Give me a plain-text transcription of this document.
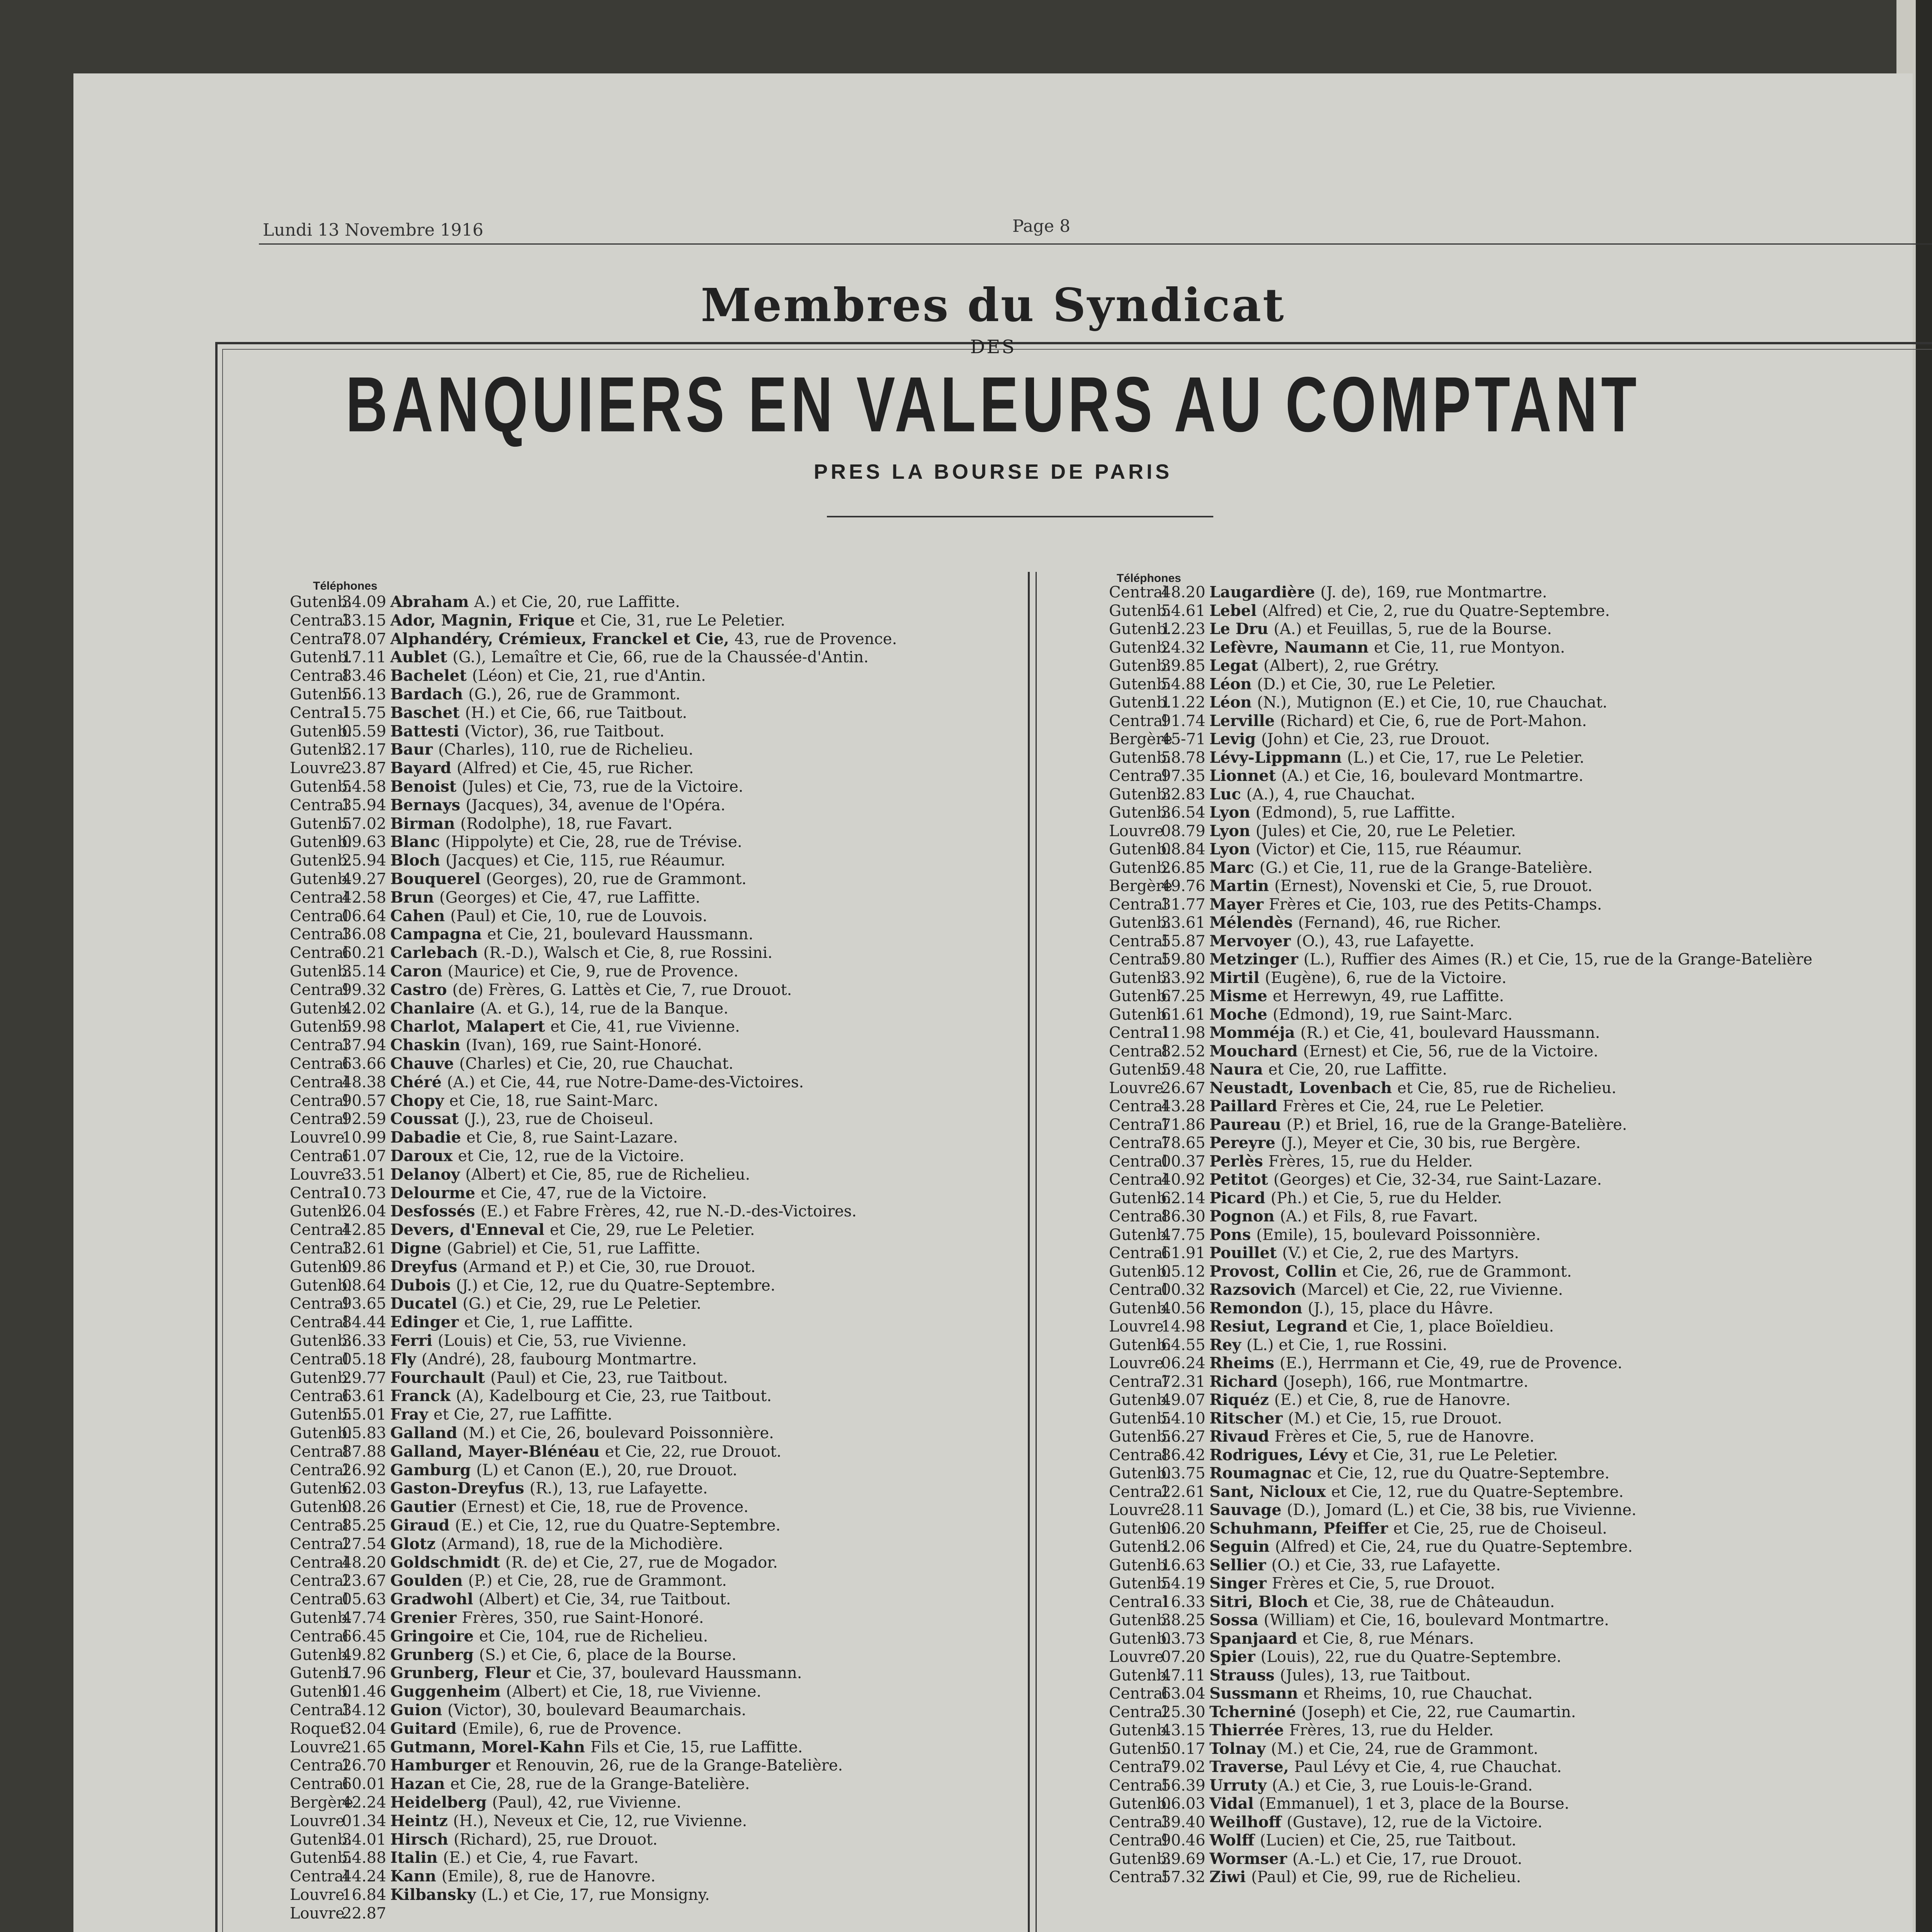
Lundi 13 Novembre 1916	Page 8
Membres du Syndicat
DES
BANQUIERS EN VALEURS AU COMPTANT
PRES LA BOURSE DE PARIS
Téléphones
Téléphones
Gutenb.
34.09 Abraham A.) et Cie, 20, rue Laffitte.
Central
33.15 Ador, Magnin, Frique et Cie, 31, rue Le Peletier.
Central
78.07 Alphandéry, Crémieux, Franckel et Cie, 43, rue de Provence.
Gutenb.
17.11 Aublet (G.), Lemaître et Cie, 66, rue de la Chaussée-d'Antin.
Central
83.46 Bachelet (Léon) et Cie, 21, rue d'Antin.
Gutenb.
56.13 Bardach (G.), 26, rue de Grammont.
Central
15.75 Baschet (H.) et Cie, 66, rue Taitbout.
Gutenb.
05.59 Battesti (Victor), 36, rue Taitbout.
Gutenb.
32.17 Baur (Charles), 110, rue de Richelieu.
Louvre
23.87 Bayard (Alfred) et Cie, 45, rue Richer.
Gutenb.
54.58 Benoist (Jules) et Cie, 73, rue de la Victoire.
Central
35.94 Bernays (Jacques), 34, avenue de l'Opéra.
Gutenb.
57.02 Birman (Rodolphe), 18, rue Favart.
Gutenb.
09.63 Blanc (Hippolyte) et Cie, 28, rue de Trévise.
Gutenb.
25.94 Bloch (Jacques) et Cie, 115, rue Réaumur.
Gutenb.
49.27 Bouquerel (Georges), 20, rue de Grammont.
Central
42.58 Brun (Georges) et Cie, 47, rue Laffitte.
Central
06.64 Cahen (Paul) et Cie, 10, rue de Louvois.
Central
36.08 Campagna et Cie, 21, boulevard Haussmann.
Central
60.21 Carlebach (R.-D.), Walsch et Cie, 8, rue Rossini.
Gutenb.
35.14 Caron (Maurice) et Cie, 9, rue de Provence.
Central
99.32 Castro (de) Frères, G. Lattès et Cie, 7, rue Drouot.
Gutenb.
42.02 Chanlaire (A. et G.), 14, rue de la Banque.
Gutenb.
59.98 Charlot, Malapert et Cie, 41, rue Vivienne.
Central
37.94 Chaskin (Ivan), 169, rue Saint-Honoré.
Central
63.66 Chauve (Charles) et Cie, 20, rue Chauchat.
Central
48.38 Chéré (A.) et Cie, 44, rue Notre-Dame-des-Victoires.
Central
90.57 Chopy et Cie, 18, rue Saint-Marc.
Central
92.59 Coussat (J.), 23, rue de Choiseul.
Louvre
10.99 Dabadie et Cie, 8, rue Saint-Lazare.
Central
61.07 Daroux et Cie, 12, rue de la Victoire.
Louvre
33.51 Delanoy (Albert) et Cie, 85, rue de Richelieu.
Central
10.73 Delourme et Cie, 47, rue de la Victoire.
Gutenb.
26.04 Desfossés (E.) et Fabre Frères, 42, rue N.-D.-des-Victoires.
Central
42.85 Devers, d'Enneval et Cie, 29, rue Le Peletier.
Central
32.61 Digne (Gabriel) et Cie, 51, rue Laffitte.
Gutenb.
09.86 Dreyfus (Armand et P.) et Cie, 30, rue Drouot.
Gutenb.
08.64 Dubois (J.) et Cie, 12, rue du Quatre-Septembre.
Central
93.65 Ducatel (G.) et Cie, 29, rue Le Peletier.
Central
84.44 Edinger et Cie, 1, rue Laffitte.
Gutenb.
36.33 Ferri (Louis) et Cie, 53, rue Vivienne.
Central
05.18 Fly (André), 28, faubourg Montmartre.
Gutenb.
29.77 Fourchault (Paul) et Cie, 23, rue Taitbout.
Central
63.61 Franck (A), Kadelbourg et Cie, 23, rue Taitbout.
Gutenb.
55.01 Fray et Cie, 27, rue Laffitte.
Gutenb.
05.83 Galland (M.) et Cie, 26, boulevard Poissonnière.
Central
87.88 Galland, Mayer-Blénéau et Cie, 22, rue Drouot.
Central
26.92 Gamburg (L) et Canon (E.), 20, rue Drouot.
Gutenb.
62.03 Gaston-Dreyfus (R.), 13, rue Lafayette.
Gutenb.
08.26 Gautier (Ernest) et Cie, 18, rue de Provence.
Central
85.25 Giraud (E.) et Cie, 12, rue du Quatre-Septembre.
Central
27.54 Glotz (Armand), 18, rue de la Michodière.
Central
48.20 Goldschmidt (R. de) et Cie, 27, rue de Mogador.
Central
23.67 Goulden (P.) et Cie, 28, rue de Grammont.
Central
05.63 Gradwohl (Albert) et Cie, 34, rue Taitbout.
Gutenb.
47.74 Grenier Frères, 350, rue Saint-Honoré.
Central
66.45 Gringoire et Cie, 104, rue de Richelieu.
Gutenb.
49.82 Grunberg (S.) et Cie, 6, place de la Bourse.
Gutenb.
17.96 Grunberg, Fleur et Cie, 37, boulevard Haussmann.
Gutenb.
01.46 Guggenheim (Albert) et Cie, 18, rue Vivienne.
Central
34.12 Guion (Victor), 30, boulevard Beaumarchais.
Roquet.
32.04 Guitard (Emile), 6, rue de Provence.
Louvre
21.65 Gutmann, Morel-Kahn Fils et Cie, 15, rue Laffitte.
Central
26.70 Hamburger et Renouvin, 26, rue de la Grange-Batelière.
Central
60.01 Hazan et Cie, 28, rue de la Grange-Batelière.
Bergère
42.24 Heidelberg (Paul), 42, rue Vivienne.
Louvre
01.34 Heintz (H.), Neveux et Cie, 12, rue Vivienne.
Gutenb.
34.01 Hirsch (Richard), 25, rue Drouot.
Gutenb.
54.88 Italin (E.) et Cie, 4, rue Favart.
Central
44.24 Kann (Emile), 8, rue de Hanovre.
Louvre
16.84 Kilbansky (L.) et Cie, 17, rue Monsigny.
Louvre
22.87
Central
48.20 Laugardière (J. de), 169, rue Montmartre.
Gutenb.
54.61 Lebel (Alfred) et Cie, 2, rue du Quatre-Septembre.
Gutenb.
12.23 Le Dru (A.) et Feuillas, 5, rue de la Bourse.
Gutenb.
24.32 Lefèvre, Naumann et Cie, 11, rue Montyon.
Gutenb.
39.85 Legat (Albert), 2, rue Grétry.
Gutenb.
54.88 Léon (D.) et Cie, 30, rue Le Peletier.
Gutenb.
11.22 Léon (N.), Mutignon (E.) et Cie, 10, rue Chauchat.
Central
91.74 Lerville (Richard) et Cie, 6, rue de Port-Mahon.
Bergère
45-71 Levig (John) et Cie, 23, rue Drouot.
Gutenb.
58.78 Lévy-Lippmann (L.) et Cie, 17, rue Le Peletier.
Central
97.35 Lionnet (A.) et Cie, 16, boulevard Montmartre.
Gutenb.
32.83 Luc (A.), 4, rue Chauchat.
Gutenb.
36.54 Lyon (Edmond), 5, rue Laffitte.
Louvre
08.79 Lyon (Jules) et Cie, 20, rue Le Peletier.
Gutenb.
08.84 Lyon (Victor) et Cie, 115, rue Réaumur.
Gutenb.
26.85 Marc (G.) et Cie, 11, rue de la Grange-Batelière.
Bergère
49.76 Martin (Ernest), Novenski et Cie, 5, rue Drouot.
Central
31.77 Mayer Frères et Cie, 103, rue des Petits-Champs.
Gutenb.
33.61 Mélendès (Fernand), 46, rue Richer.
Central
55.87 Mervoyer (O.), 43, rue Lafayette.
Central
59.80 Metzinger (L.), Ruffier des Aimes (R.) et Cie, 15, rue de la Grange-Batelière
Gutenb.
33.92 Mirtil (Eugène), 6, rue de la Victoire.
Gutenb.
67.25 Misme et Herrewyn, 49, rue Laffitte.
Gutenb.
61.61 Moche (Edmond), 19, rue Saint-Marc.
Central
11.98 Momméja (R.) et Cie, 41, boulevard Haussmann.
Central
82.52 Mouchard (Ernest) et Cie, 56, rue de la Victoire.
Gutenb.
59.48 Naura et Cie, 20, rue Laffitte.
Louvre
26.67 Neustadt, Lovenbach et Cie, 85, rue de Richelieu.
Central
43.28 Paillard Frères et Cie, 24, rue Le Peletier.
Central
71.86 Paureau (P.) et Briel, 16, rue de la Grange-Batelière.
Central
78.65 Pereyre (J.), Meyer et Cie, 30 bis, rue Bergère.
Central
00.37 Perlès Frères, 15, rue du Helder.
Central
40.92 Petitot (Georges) et Cie, 32-34, rue Saint-Lazare.
Gutenb.
62.14 Picard (Ph.) et Cie, 5, rue du Helder.
Central
86.30 Pognon (A.) et Fils, 8, rue Favart.
Gutenb.
47.75 Pons (Emile), 15, boulevard Poissonnière.
Central
61.91 Pouillet (V.) et Cie, 2, rue des Martyrs.
Gutenb.
05.12 Provost, Collin et Cie, 26, rue de Grammont.
Central
00.32 Razsovich (Marcel) et Cie, 22, rue Vivienne.
Gutenb.
40.56 Remondon (J.), 15, place du Hâvre.
Louvre
14.98 Resiut, Legrand et Cie, 1, place Boïeldieu.
Gutenb.
64.55 Rey (L.) et Cie, 1, rue Rossini.
Louvre
06.24 Rheims (E.), Herrmann et Cie, 49, rue de Provence.
Central
72.31 Richard (Joseph), 166, rue Montmartre.
Gutenb.
49.07 Riquéz (E.) et Cie, 8, rue de Hanovre.
Gutenb.
54.10 Ritscher (M.) et Cie, 15, rue Drouot.
Gutenb.
56.27 Rivaud Frères et Cie, 5, rue de Hanovre.
Central
86.42 Rodrigues, Lévy et Cie, 31, rue Le Peletier.
Gutenb.
03.75 Roumagnac et Cie, 12, rue du Quatre-Septembre.
Central
22.61 Sant, Nicloux et Cie, 12, rue du Quatre-Septembre.
Louvre
28.11 Sauvage (D.), Jomard (L.) et Cie, 38 bis, rue Vivienne.
Gutenb.
06.20 Schuhmann, Pfeiffer et Cie, 25, rue de Choiseul.
Gutenb.
12.06 Seguin (Alfred) et Cie, 24, rue du Quatre-Septembre.
Gutenb.
16.63 Sellier (O.) et Cie, 33, rue Lafayette.
Gutenb.
54.19 Singer Frères et Cie, 5, rue Drouot.
Central
16.33 Sitri, Bloch et Cie, 38, rue de Châteaudun.
Gutenb.
38.25 Sossa (William) et Cie, 16, boulevard Montmartre.
Gutenb.
03.73 Spanjaard et Cie, 8, rue Ménars.
Louvre
07.20 Spier (Louis), 22, rue du Quatre-Septembre.
Gutenb.
47.11 Strauss (Jules), 13, rue Taitbout.
Central
63.04 Sussmann et Rheims, 10, rue Chauchat.
Central
25.30 Tcherniné (Joseph) et Cie, 22, rue Caumartin.
Gutenb.
43.15 Thierrée Frères, 13, rue du Helder.
Gutenb.
50.17 Tolnay (M.) et Cie, 24, rue de Grammont.
Central
79.02 Traverse, Paul Lévy et Cie, 4, rue Chauchat.
Central
56.39 Urruty (A.) et Cie, 3, rue Louis-le-Grand.
Gutenb.
06.03 Vidal (Emmanuel), 1 et 3, place de la Bourse.
Central
39.40 Weilhoff (Gustave), 12, rue de la Victoire.
Central
90.46 Wolff (Lucien) et Cie, 25, rue Taitbout.
Gutenb.
39.69 Wormser (A.-L.) et Cie, 17, rue Drouot.
Central
57.32 Ziwi (Paul) et Cie, 99, rue de Richelieu.
